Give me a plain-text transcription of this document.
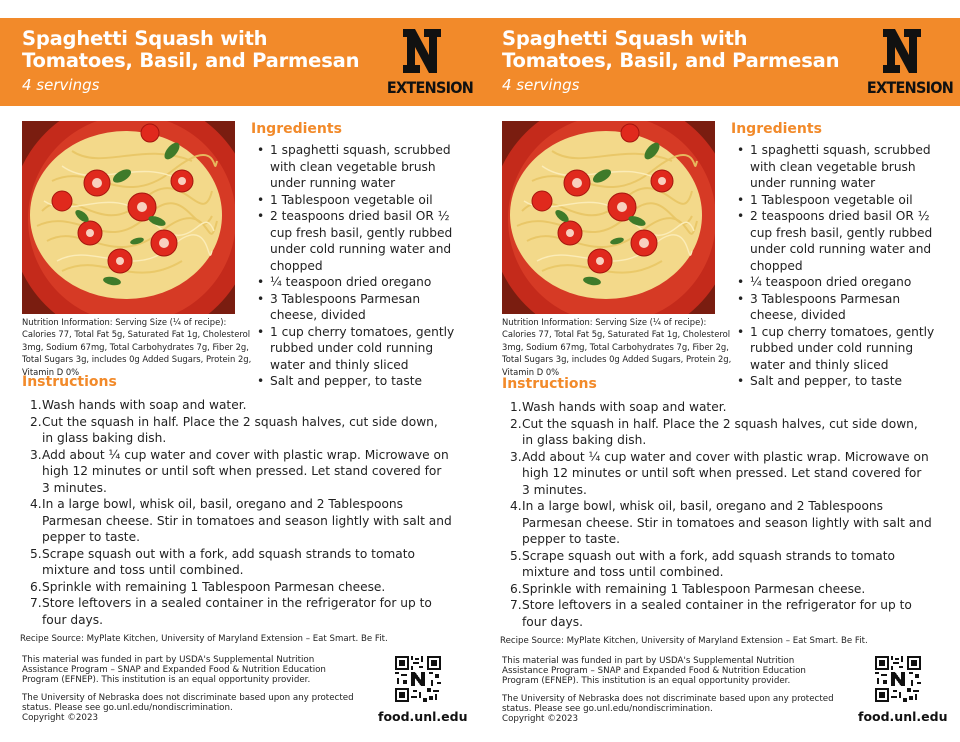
Spaghetti Squash with
Tomatoes, Basil, and Parmesan
4 servings	EXTENSION
Nutrition Information: Serving Size (¼ of recipe): Calories 77, Total Fat 5g, Saturated Fat 1g, Cholesterol 3mg, Sodium 67mg, Total Carbohydrates 7g, Fiber 2g, Total Sugars 3g, includes 0g Added Sugars, Protein 2g, Vitamin D 0%
Ingredients
• 1 spaghetti squash, scrubbed with clean vegetable brush under running water
• 1 Tablespoon vegetable oil
• 2 teaspoons dried basil OR ½ cup fresh basil, gently rubbed under cold running water and chopped
• ¼ teaspoon dried oregano
• 3 Tablespoons Parmesan cheese, divided
• 1 cup cherry tomatoes, gently rubbed under cold running water and thinly sliced
• Salt and pepper, to taste
Instructions
1. Wash hands with soap and water.
2. Cut the squash in half. Place the 2 squash halves, cut side down, in glass baking dish.
3. Add about ¼ cup water and cover with plastic wrap. Microwave on high 12 minutes or until soft when pressed. Let stand covered for 3 minutes.
4. In a large bowl, whisk oil, basil, oregano and 2 Tablespoons Parmesan cheese. Stir in tomatoes and season lightly with salt and pepper to taste.
5. Scrape squash out with a fork, add squash strands to tomato mixture and toss until combined.
6. Sprinkle with remaining 1 Tablespoon Parmesan cheese.
7. Store leftovers in a sealed container in the refrigerator for up to four days.
Recipe Source: MyPlate Kitchen, University of Maryland Extension – Eat Smart. Be Fit.
This material was funded in part by USDA's Supplemental Nutrition Assistance Program – SNAP and Expanded Food & Nutrition Education Program (EFNEP). This institution is an equal opportunity provider.
The University of Nebraska does not discriminate based upon any protected status. Please see go.unl.edu/nondiscrimination.
Copyright ©2023	food.unl.edu
Spaghetti Squash with
Tomatoes, Basil, and Parmesan
4 servings	EXTENSION
Nutrition Information: Serving Size (¼ of recipe): Calories 77, Total Fat 5g, Saturated Fat 1g, Cholesterol 3mg, Sodium 67mg, Total Carbohydrates 7g, Fiber 2g, Total Sugars 3g, includes 0g Added Sugars, Protein 2g, Vitamin D 0%
Ingredients
• 1 spaghetti squash, scrubbed with clean vegetable brush under running water
• 1 Tablespoon vegetable oil
• 2 teaspoons dried basil OR ½ cup fresh basil, gently rubbed under cold running water and chopped
• ¼ teaspoon dried oregano
• 3 Tablespoons Parmesan cheese, divided
• 1 cup cherry tomatoes, gently rubbed under cold running water and thinly sliced
• Salt and pepper, to taste
Instructions
1. Wash hands with soap and water.
2. Cut the squash in half. Place the 2 squash halves, cut side down, in glass baking dish.
3. Add about ¼ cup water and cover with plastic wrap. Microwave on high 12 minutes or until soft when pressed. Let stand covered for 3 minutes.
4. In a large bowl, whisk oil, basil, oregano and 2 Tablespoons Parmesan cheese. Stir in tomatoes and season lightly with salt and pepper to taste.
5. Scrape squash out with a fork, add squash strands to tomato mixture and toss until combined.
6. Sprinkle with remaining 1 Tablespoon Parmesan cheese.
7. Store leftovers in a sealed container in the refrigerator for up to four days.
Recipe Source: MyPlate Kitchen, University of Maryland Extension – Eat Smart. Be Fit.
This material was funded in part by USDA's Supplemental Nutrition Assistance Program – SNAP and Expanded Food & Nutrition Education Program (EFNEP). This institution is an equal opportunity provider.
The University of Nebraska does not discriminate based upon any protected status. Please see go.unl.edu/nondiscrimination.
Copyright ©2023	food.unl.edu
